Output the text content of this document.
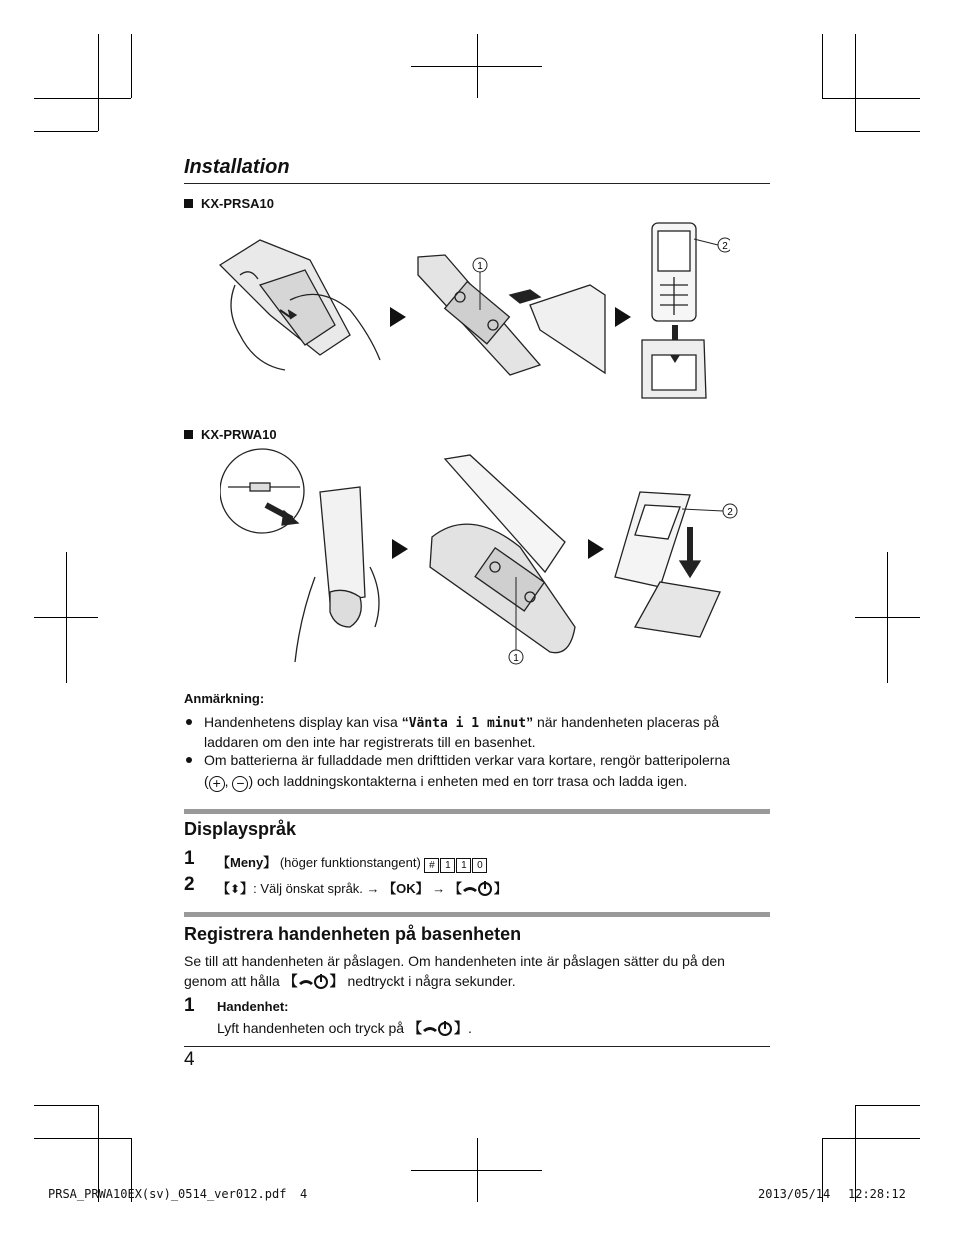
Installation
KX-PRSA10
1
2
KX-PRWA10
1
2
Anmärkning:
Handenhetens display kan visa “Vänta i 1 minut” när handenheten placeras på
laddaren om den inte har registrerats till en basenhet.
Om batterierna är fulladdade men drifttiden verkar vara kortare, rengör batteripolerna
( + , − ) och laddningskontakterna i enheten med en torr trasa och ladda igen.
Displayspråk
1 【Meny】 (höger funktionstangent) # 1 1 0
2 【⬍】: Välj önskat språk. → 【OK】 → 【 】
Registrera handenheten på basenheten
Se till att handenheten är påslagen. Om handenheten inte är påslagen sätter du på den
genom att hålla 【 】 nedtryckt i några sekunder.
1 Handenhet:
Lyft handenheten och tryck på 【 】.
4
PRSA_PRWA10EX(sv)_0514_ver012.pdf 4	2013/05/14 12:28:12
